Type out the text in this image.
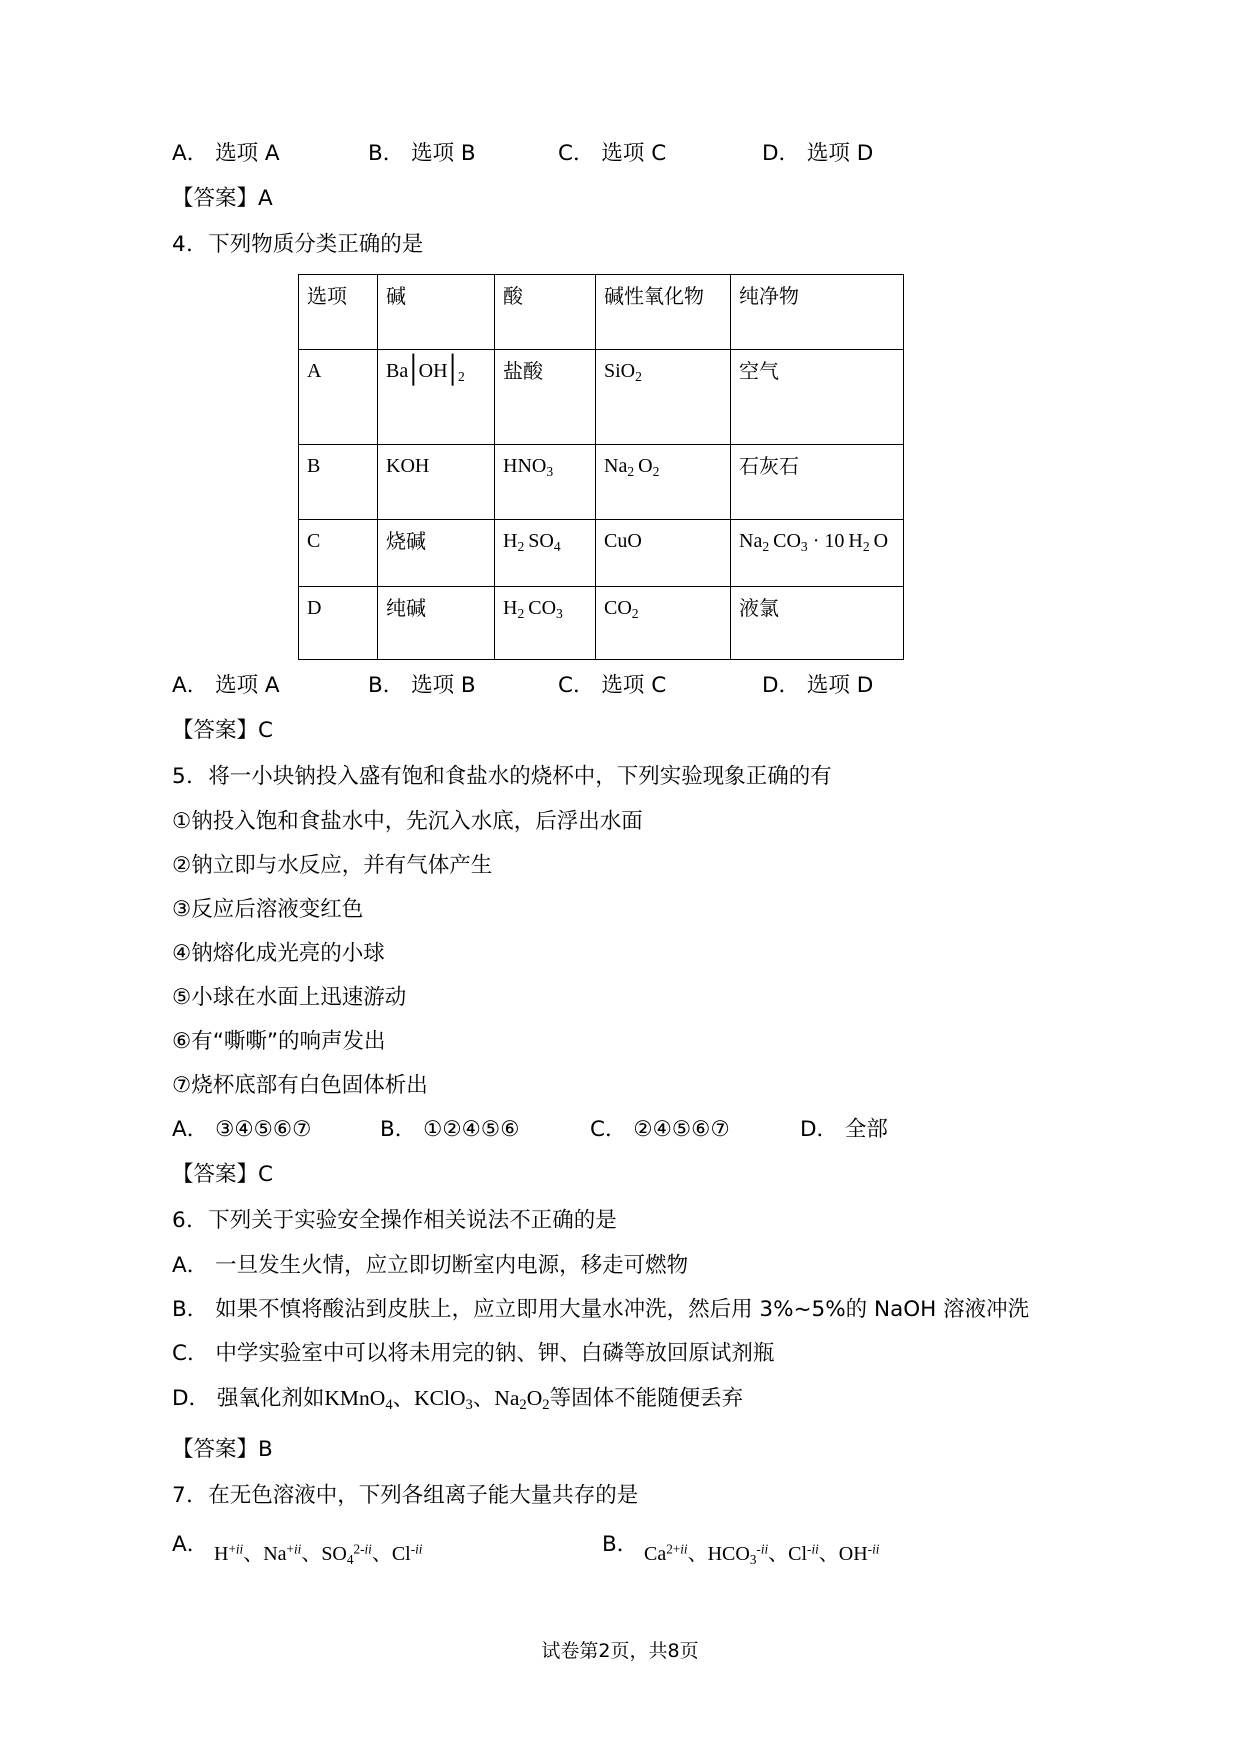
A． 选项 A	B． 选项 B	C． 选项 C	D． 选项 D
【答案】A
4．下列物质分类正确的是
选项	碱	酸	碱性氧化物	纯净物
A	$Ba⎮OH⎮_2$	盐酸	SiO$_2$	空气
B	KOH	$HNO_3$	$Na_2$ $O_2$	石灰石
C	烧碱	$H_2$ $SO_4$	CuO	$Na_2$ $CO_3 \cdot 10$ $H_2$ O

D	纯碱	$H_2$ $CO_3$	$CO_2$	液氯
A． 选项 A	B． 选项 B	C． 选项 C	D． 选项 D
【答案】C
5．将一小块钠投入盛有饱和食盐水的烧杯中，下列实验现象正确的有
①钠投入饱和食盐水中，先沉入水底，后浮出水面
②钠立即与水反应，并有气体产生
③反应后溶液变红色
④钠熔化成光亮的小球
⑤小球在水面上迅速游动
⑥有“嘶嘶”的响声发出
⑦烧杯底部有白色固体析出
A． ③④⑤⑥⑦	B． ①②④⑤⑥	C． ②④⑤⑥⑦	D． 全部
【答案】C
6．下列关于实验安全操作相关说法不正确的是
A． 一旦发生火情，应立即切断室内电源，移走可燃物
B． 如果不慎将酸沾到皮肤上，应立即用大量水冲洗，然后用 3%~5%的 NaOH 溶液冲洗
C． 中学实验室中可以将未用完的钠、钾、白磷等放回原试剂瓶
D． 强氧化剂如KMnO$_4$、KClO$_3$、$Na_2O_2$等固体不能随便丢弃
【答案】B
7．在无色溶液中，下列各组离子能大量共存的是
A． $H^{+ii}$、$Na^{+ii}$、$SO_4^{2-ii}$、$Cl^{-ii}$	B． $Ca^{2+ii}$、$HCO_3^{-ii}$、$Cl^{-ii}$、$OH^{-ii}$
试卷第2页，共8页
